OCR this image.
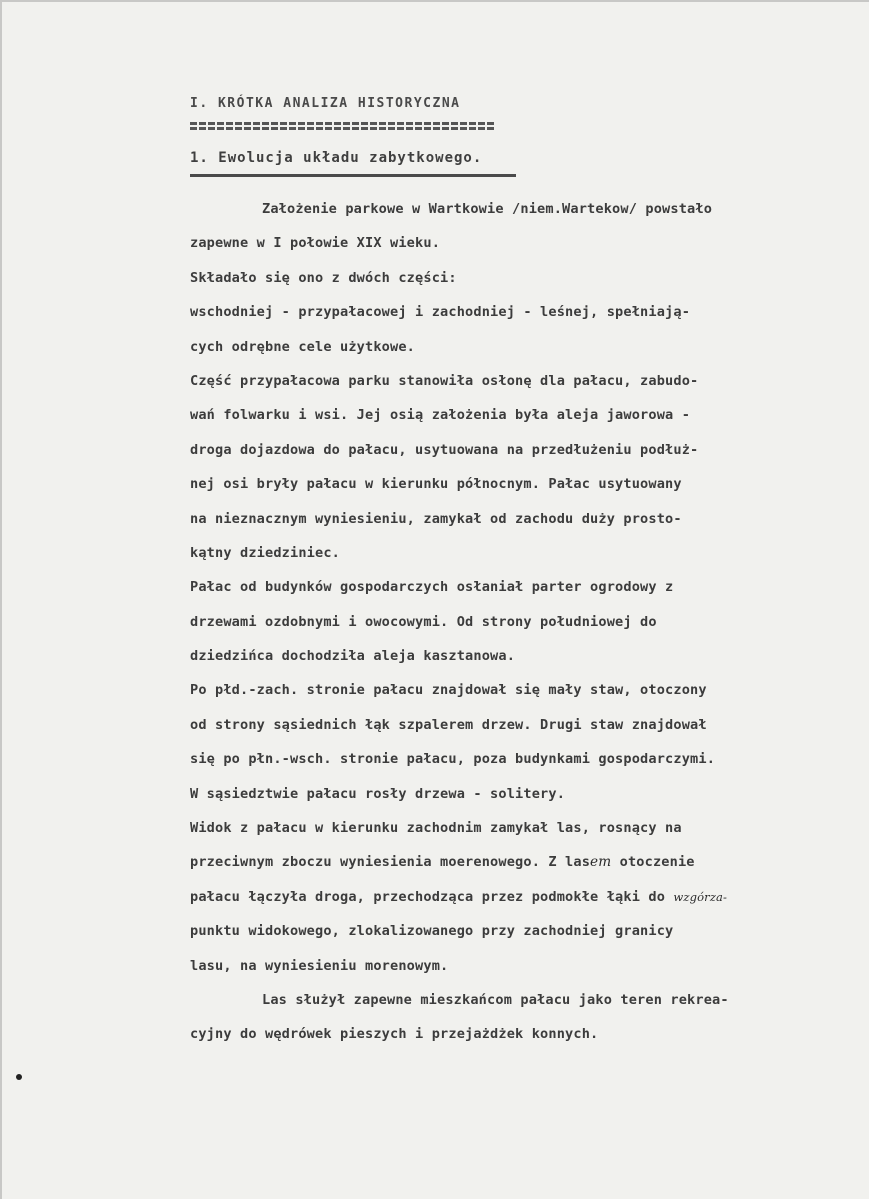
I. KRÓTKA ANALIZA HISTORYCZNA
1. Ewolucja układu zabytkowego.
Założenie parkowe w Wartkowie /niem.Wartekow/ powstało
zapewne w I połowie XIX wieku.
Składało się ono z dwóch części:
wschodniej - przypałacowej i zachodniej - leśnej, spełniają-
cych odrębne cele użytkowe.
Część przypałacowa parku stanowiła osłonę dla pałacu, zabudo-
wań folwarku i wsi. Jej osią założenia była aleja jaworowa -
droga dojazdowa do pałacu, usytuowana na przedłużeniu podłuż-
nej osi bryły pałacu w kierunku północnym. Pałac usytuowany
na nieznacznym wyniesieniu, zamykał od zachodu duży prosto-
kątny dziedziniec.
Pałac od budynków gospodarczych osłaniał parter ogrodowy z
drzewami ozdobnymi i owocowymi. Od strony południowej do
dziedzińca dochodziła aleja kasztanowa.
Po płd.-zach. stronie pałacu znajdował się mały staw, otoczony
od strony sąsiednich łąk szpalerem drzew. Drugi staw znajdował
się po płn.-wsch. stronie pałacu, poza budynkami gospodarczymi.
W sąsiedztwie pałacu rosły drzewa - solitery.
Widok z pałacu w kierunku zachodnim zamykał las, rosnący na
przeciwnym zboczu wyniesienia moerenowego. Z lasem otoczenie
pałacu łączyła droga, przechodząca przez podmokłe łąki do wzgórza-
punktu widokowego, zlokalizowanego przy zachodniej granicy
lasu, na wyniesieniu morenowym.
Las służył zapewne mieszkańcom pałacu jako teren rekrea-
cyjny do wędrówek pieszych i przejażdżek konnych.
